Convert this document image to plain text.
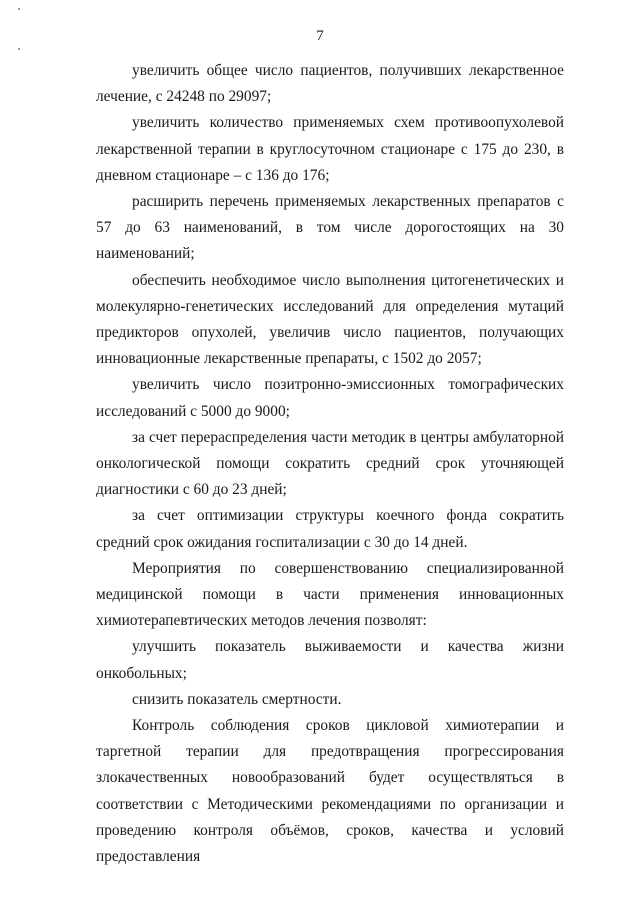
7

увеличить общее число пациентов, получивших лекарственное лечение, с 24248 по 29097;

увеличить количество применяемых схем противоопухолевой лекарственной терапии в круглосуточном стационаре с 175 до 230, в дневном стационаре – с 136 до 176;

расширить перечень применяемых лекарственных препаратов с 57 до 63 наименований, в том числе дорогостоящих на 30 наименований;

обеспечить необходимое число выполнения цитогенетических и молекулярно-генетических исследований для определения мутаций предикторов опухолей, увеличив число пациентов, получающих инновационные лекарственные препараты, с 1502 до 2057;

увеличить число позитронно-эмиссионных томографических исследований с 5000 до 9000;

за счет перераспределения части методик в центры амбулаторной онкологической помощи сократить средний срок уточняющей диагностики с 60 до 23 дней;

за счет оптимизации структуры коечного фонда сократить средний срок ожидания госпитализации с 30 до 14 дней.

Мероприятия по совершенствованию специализированной медицинской помощи в части применения инновационных химиотерапевтических методов лечения позволят:

улучшить показатель выживаемости и качества жизни онкобольных;

снизить показатель смертности.

Контроль соблюдения сроков цикловой химиотерапии и таргетной терапии для предотвращения прогрессирования злокачественных новообразований будет осуществляться в соответствии с Методическими рекомендациями по организации и проведению контроля объёмов, сроков, качества и условий предоставления
